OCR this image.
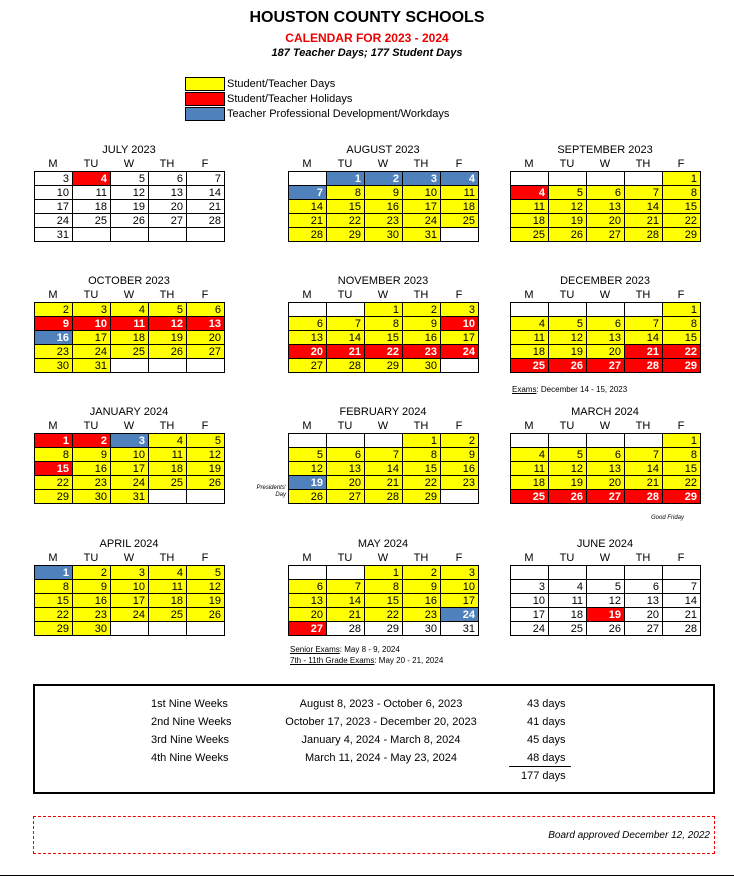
HOUSTON COUNTY SCHOOLS
CALENDAR FOR 2023 - 2024
187 Teacher Days; 177 Student Days
Student/Teacher Days
Student/Teacher Holidays
Teacher Professional Development/Workdays
JULY 2023
M	TU	W	TH	F
3	4	5	6	7
10	11	12	13	14
17	18	19	20	21
24	25	26	27	28
31				
AUGUST 2023
M	TU	W	TH	F
	1	2	3	4
7	8	9	10	11
14	15	16	17	18
21	22	23	24	25
28	29	30	31	
SEPTEMBER 2023
M	TU	W	TH	F
				1
4	5	6	7	8
11	12	13	14	15
18	19	20	21	22
25	26	27	28	29
OCTOBER 2023
M	TU	W	TH	F
2	3	4	5	6
9	10	11	12	13
16	17	18	19	20
23	24	25	26	27
30	31			
NOVEMBER 2023
M	TU	W	TH	F
		1	2	3
6	7	8	9	10
13	14	15	16	17
20	21	22	23	24
27	28	29	30	
DECEMBER 2023
M	TU	W	TH	F
				1
4	5	6	7	8
11	12	13	14	15
18	19	20	21	22
25	26	27	28	29
JANUARY 2024
M	TU	W	TH	F
1	2	3	4	5
8	9	10	11	12
15	16	17	18	19
22	23	24	25	26
29	30	31		
FEBRUARY 2024
M	TU	W	TH	F
			1	2
5	6	7	8	9
12	13	14	15	16
19	20	21	22	23
26	27	28	29	
MARCH 2024
M	TU	W	TH	F
				1
4	5	6	7	8
11	12	13	14	15
18	19	20	21	22
25	26	27	28	29
APRIL 2024
M	TU	W	TH	F
1	2	3	4	5
8	9	10	11	12
15	16	17	18	19
22	23	24	25	26
29	30			
MAY 2024
M	TU	W	TH	F
		1	2	3
6	7	8	9	10
13	14	15	16	17
20	21	22	23	24
27	28	29	30	31
JUNE 2024
M	TU	W	TH	F

3	4	5	6	7
10	11	12	13	14
17	18	19	20	21
24	25	26	27	28
Exams: December 14 - 15, 2023
Presidents' Day
Good Friday
Senior Exams: May 8 - 9, 2024
7th - 11th Grade Exams: May 20 - 21, 2024
1st Nine Weeks	August 8, 2023 - October 6, 2023	43 days
2nd Nine Weeks	October 17, 2023 - December 20, 2023	41 days
3rd Nine Weeks	January 4, 2024 - March 8, 2024	45 days
4th Nine Weeks	March 11, 2024 - May 23, 2024	48 days
177 days
Board approved December 12, 2022
